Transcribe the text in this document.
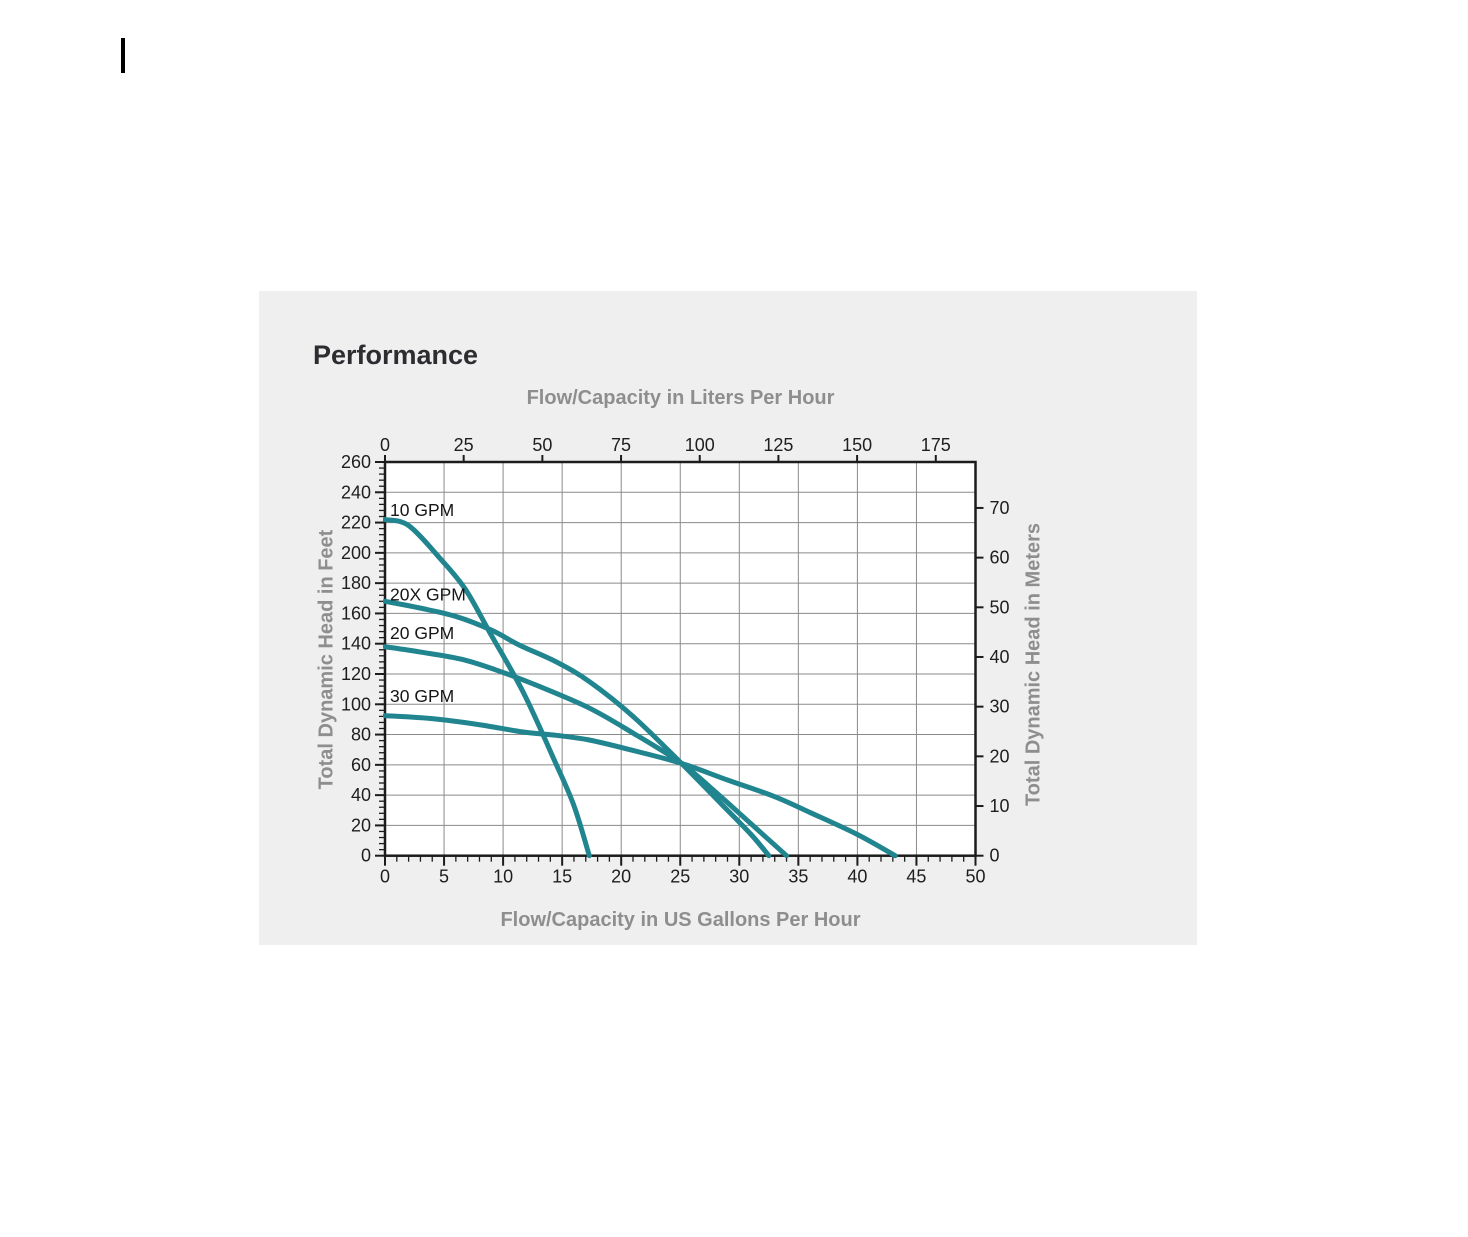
Performance
Flow/Capacity in Liters Per Hour
Flow/Capacity in US Gallons Per Hour
Total Dynamic Head in Feet	Total Dynamic Head in Meters
0	5 10 15 20 25 30 35 40 45 50
0
20
40
60
80
100
120
140
160
180
200
220
240
260
0	25	50	75	100	125	150	175
0
10
20
30
40
50
60
70
10 GPM
20X GPM
20 GPM
30 GPM
